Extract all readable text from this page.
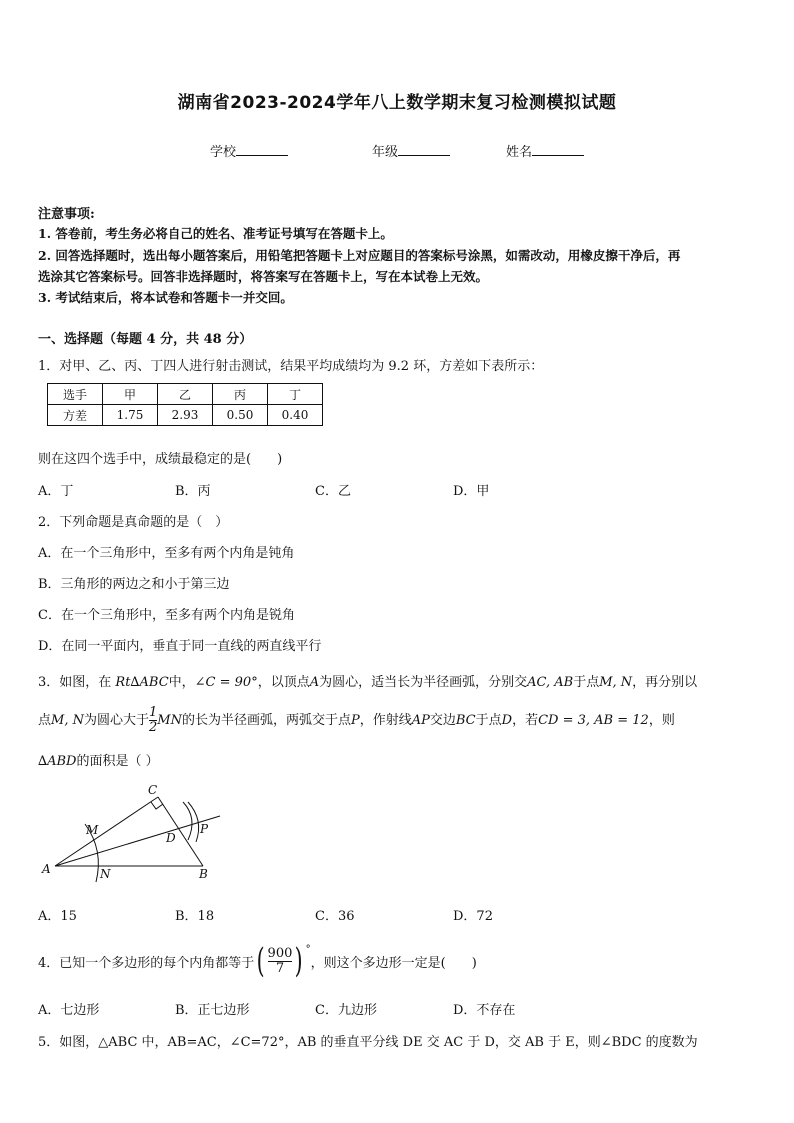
湖南省2023-2024学年八上数学期末复习检测模拟试题
学校	年级	姓名
注意事项:
1. 答卷前，考生务必将自己的姓名、准考证号填写在答题卡上。
2. 回答选择题时，选出每小题答案后，用铅笔把答题卡上对应题目的答案标号涂黑，如需改动，用橡皮擦干净后，再
选涂其它答案标号。回答非选择题时，将答案写在答题卡上，写在本试卷上无效。
3. 考试结束后，将本试卷和答题卡一并交回。
一、选择题（每题 4 分，共 48 分）
1．对甲、乙、丙、丁四人进行射击测试，结果平均成绩均为 9.2 环，方差如下表所示：
选手	甲	乙	丙	丁
方差	1.75	2.93	0.50	0.40
则在这四个选手中，成绩最稳定的是(　　)
A．丁	B．丙	C．乙	D．甲
2．下列命题是真命题的是（　）
A．在一个三角形中，至多有两个内角是钝角
B．三角形的两边之和小于第三边
C．在一个三角形中，至多有两个内角是锐角
D．在同一平面内，垂直于同一直线的两直线平行
3．如图，在 Rt∆ABC中，∠C = 90°，以顶点A为圆心，适当长为半径画弧，分别交AC, AB于点M, N，再分别以
点M, N为圆心大于 $\frac{1}{2}$ MN的长为半径画弧，两弧交于点P，作射线AP交边BC于点D，若CD = 3, AB = 12，则
∆ABD的面积是（ ）
C
M
D
P
A	N	B
A．15	B．18	C．36	D．72
4．已知一个多边形的每个内角都等于 ( $\frac{900}{7}$ ) °
，则这个多边形一定是(　　)
A．七边形	B．正七边形	C．九边形	D．不存在
5．如图，△ABC 中，AB=AC，∠C=72°，AB 的垂直平分线 DE 交 AC 于 D，交 AB 于 E，则∠BDC 的度数为
